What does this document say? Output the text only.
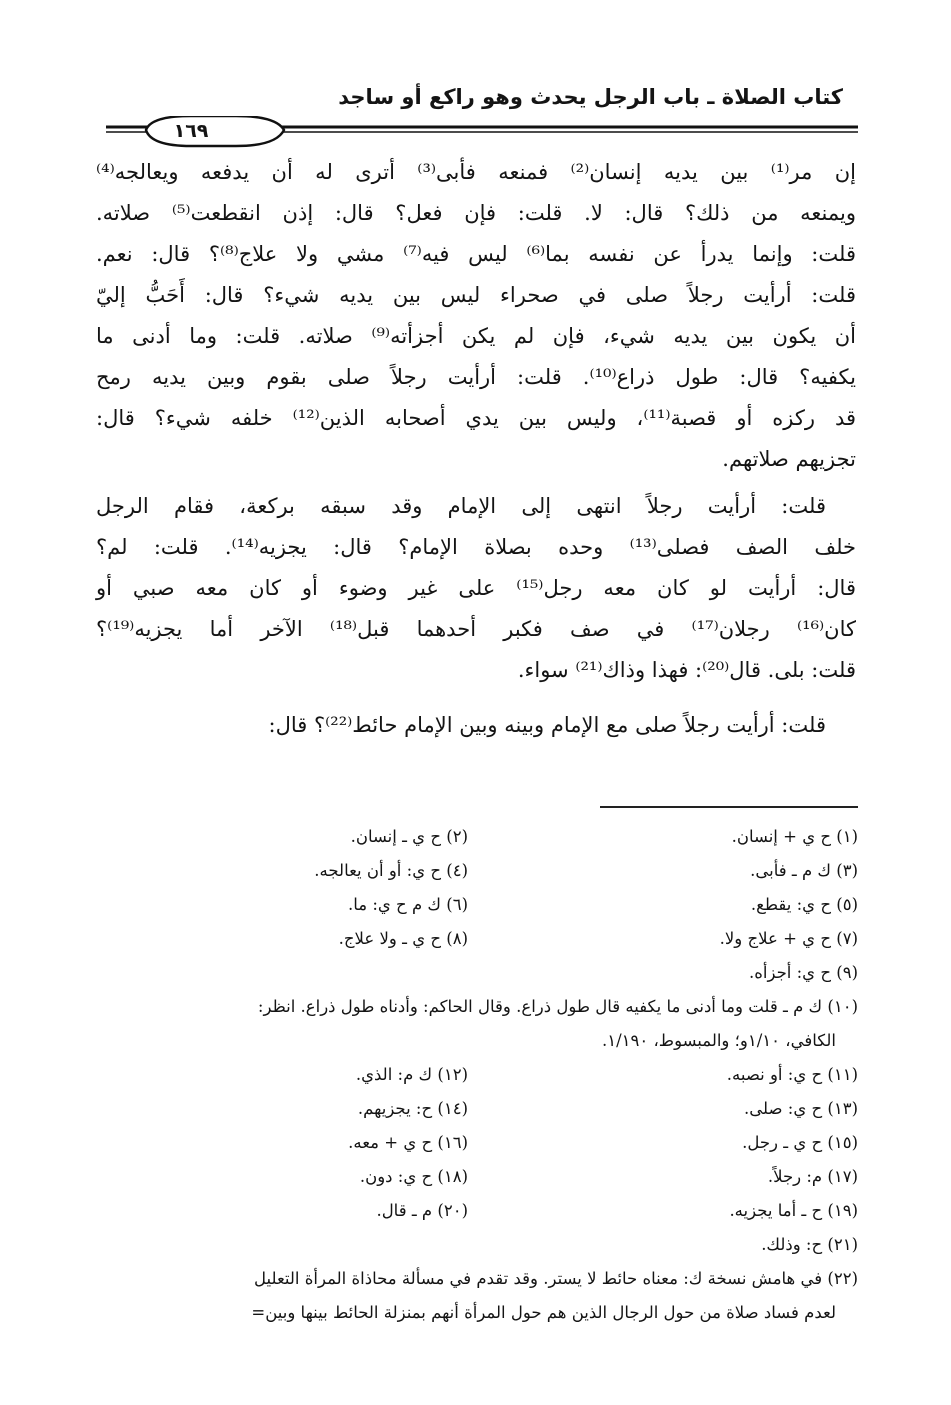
كتاب الصلاة ـ باب الرجل يحدث وهو راكع أو ساجد
١٦٩
إن مر⁽¹⁾ بين يديه إنسان⁽²⁾ فمنعه فأبى⁽³⁾ أترى له أن يدفعه ويعالجه⁽⁴⁾
ويمنعه من ذلك؟ قال: لا. قلت: فإن فعل؟ قال: إذن انقطعت⁽⁵⁾ صلاته.
قلت: وإنما يدرأ عن نفسه بما⁽⁶⁾ ليس فيه⁽⁷⁾ مشي ولا علاج⁽⁸⁾؟ قال: نعم.
قلت: أرأيت رجلاً صلى في صحراء ليس بين يديه شيء؟ قال: أَحَبُّ إليّ
أن يكون بين يديه شيء، فإن لم يكن أجزأته⁽⁹⁾ صلاته. قلت: وما أدنى ما
يكفيه؟ قال: طول ذراع⁽¹⁰⁾. قلت: أرأيت رجلاً صلى بقوم وبين يديه رمح
قد ركزه أو قصبة⁽¹¹⁾، وليس بين يدي أصحابه الذين⁽¹²⁾ خلفه شيء؟ قال:
تجزيهم صلاتهم.
قلت: أرأيت رجلاً انتهى إلى الإمام وقد سبقه بركعة، فقام الرجل
خلف الصف فصلى⁽¹³⁾ وحده بصلاة الإمام؟ قال: يجزيه⁽¹⁴⁾. قلت: لم؟
قال: أرأيت لو كان معه رجل⁽¹⁵⁾ على غير وضوء أو كان معه صبي أو
كان⁽¹⁶⁾ رجلان⁽¹⁷⁾ في صف فكبر أحدهما قبل⁽¹⁸⁾ الآخر أما يجزيه⁽¹⁹⁾؟
قلت: بلى. قال⁽²⁰⁾: فهذا وذاك⁽²¹⁾ سواء.
قلت: أرأيت رجلاً صلى مع الإمام وبينه وبين الإمام حائط⁽²²⁾؟ قال:
(١) ح ي + إنسان.
(٢) ح ي ـ إنسان.
(٣) ك م ـ فأبى.
(٤) ح ي: أو أن يعالجه.
(٥) ح ي: يقطع.
(٦) ك م ح ي: ما.
(٧) ح ي + علاج ولا.
(٨) ح ي ـ ولا علاج.
(٩) ح ي: أجزأه.
(١٠) ك م ـ قلت وما أدنى ما يكفيه قال طول ذراع. وقال الحاكم: وأدناه طول ذراع. انظر:
الكافي، ١/١٠و؛ والمبسوط، ١/١٩٠.
(١١) ح ي: أو نصبه.
(١٢) ك م: الذي.
(١٣) ح ي: صلى.
(١٤) ح: يجزيهم.
(١٥) ح ي ـ رجل.
(١٦) ح ي + معه.
(١٧) م: رجلاً.
(١٨) ح ي: دون.
(١٩) ح ـ أما يجزيه.
(٢٠) م ـ قال.
(٢١) ح: وذلك.
(٢٢) في هامش نسخة ك: معناه حائط لا يستر. وقد تقدم في مسألة محاذاة المرأة التعليل
لعدم فساد صلاة من حول الرجال الذين هم حول المرأة أنهم بمنزلة الحائط بينها وبين=
